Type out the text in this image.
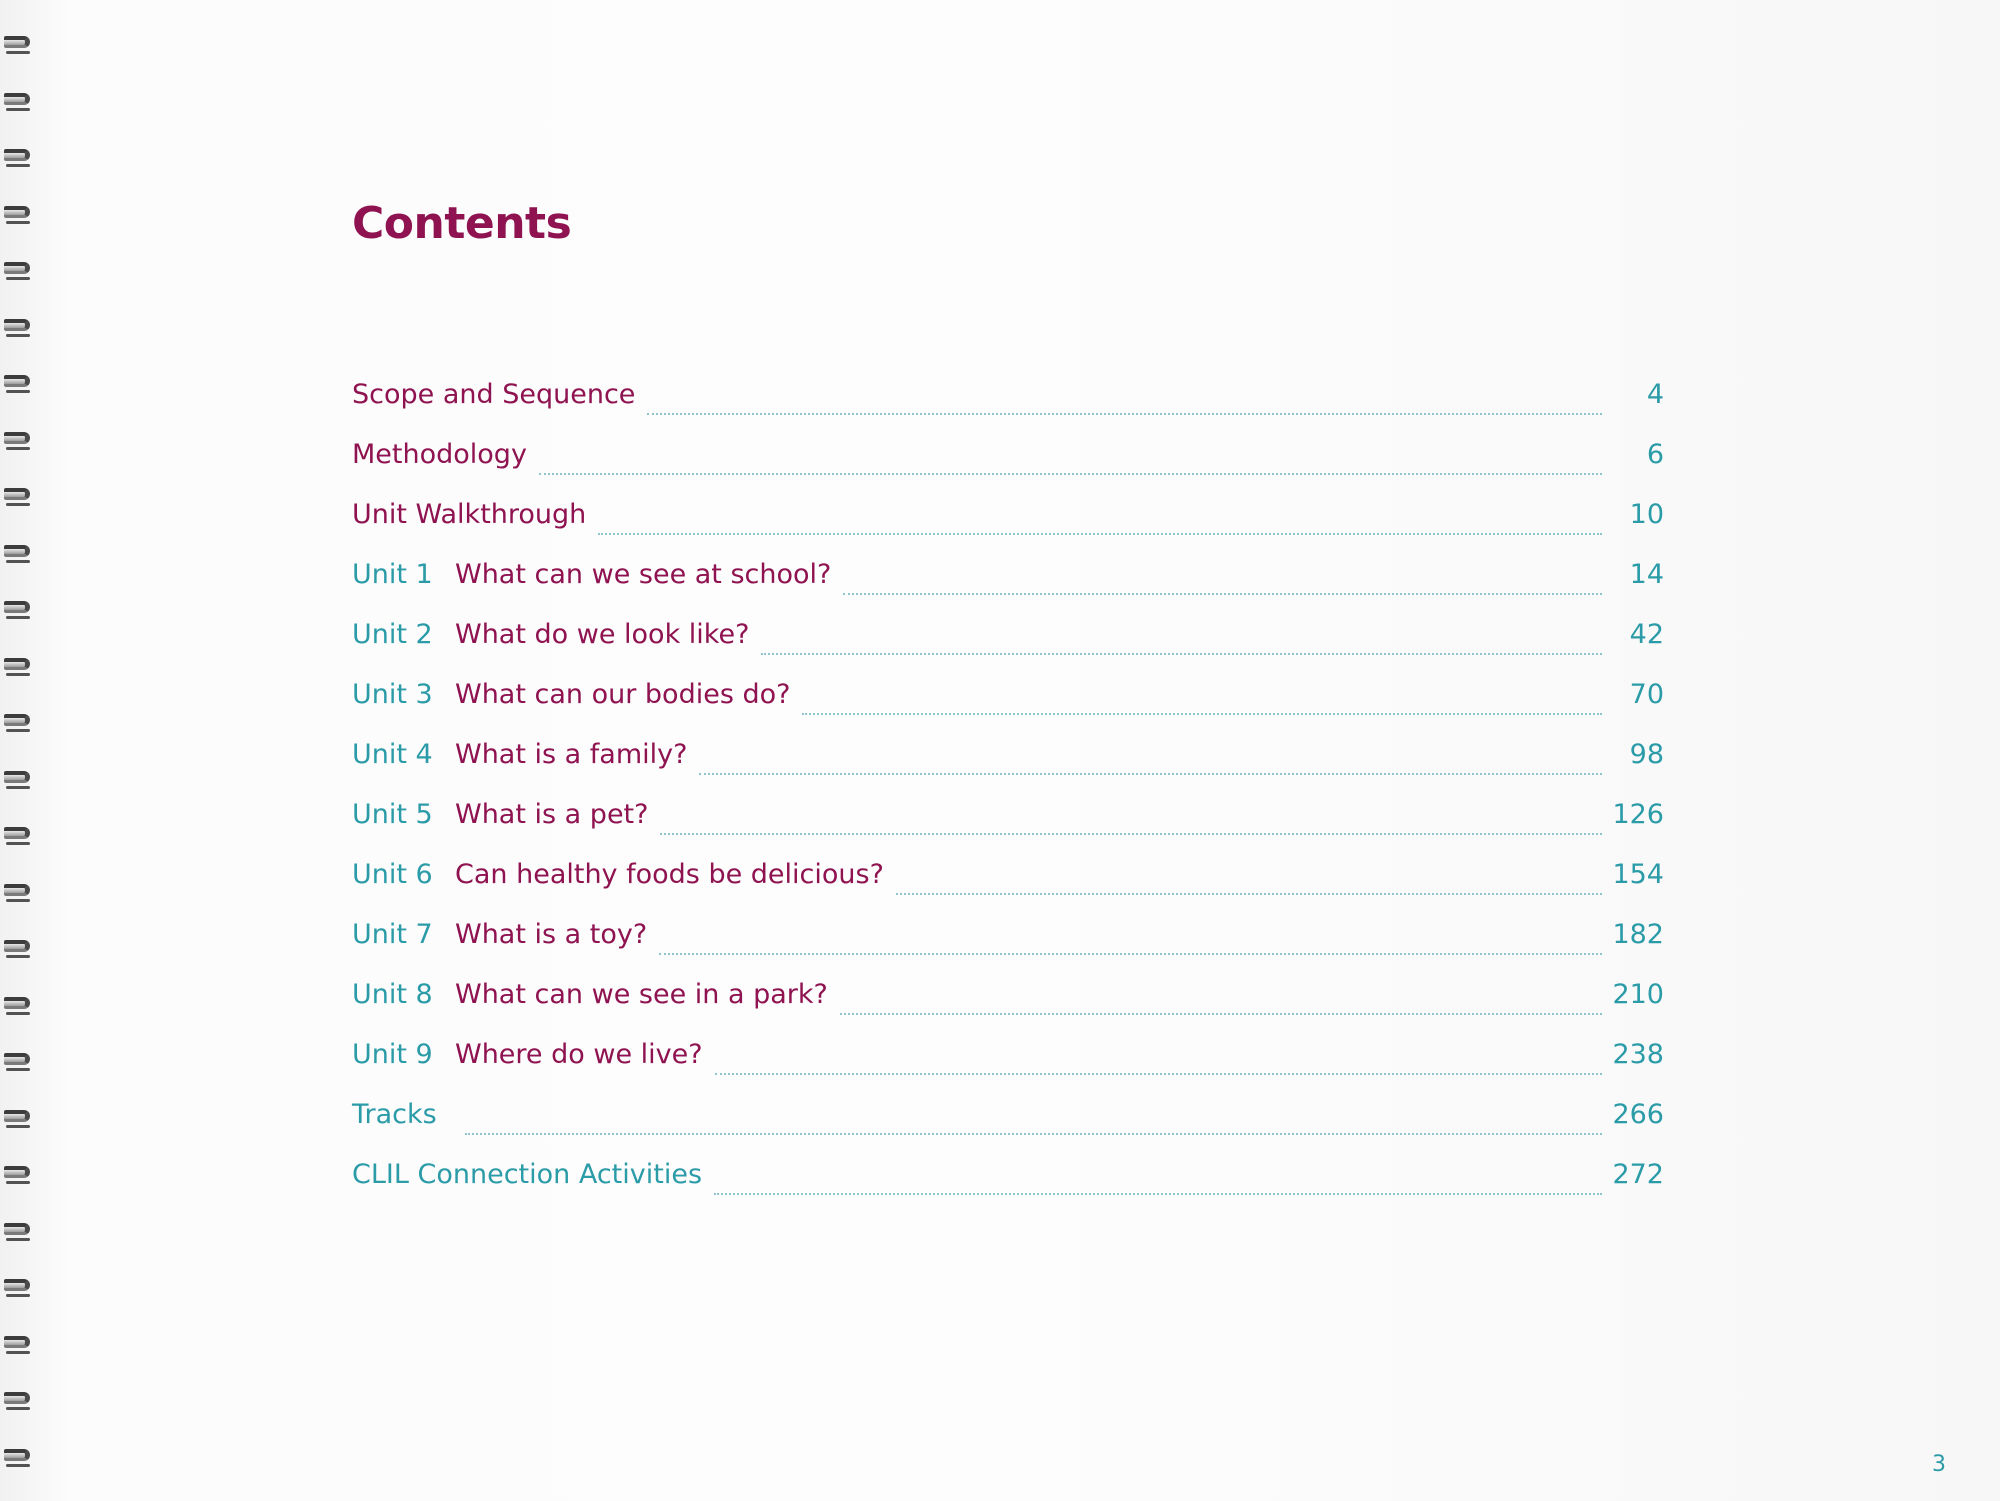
Contents
Scope and Sequence	4
Methodology	6
Unit Walkthrough	10
Unit 1 What can we see at school?	14
Unit 2 What do we look like?	42
Unit 3 What can our bodies do?	70
Unit 4 What is a family?	98
Unit 5 What is a pet?	126
Unit 6 Can healthy foods be delicious?	154
Unit 7 What is a toy?	182
Unit 8 What can we see in a park?	210
Unit 9 Where do we live?	238
Tracks	266
CLIL Connection Activities	272
3
